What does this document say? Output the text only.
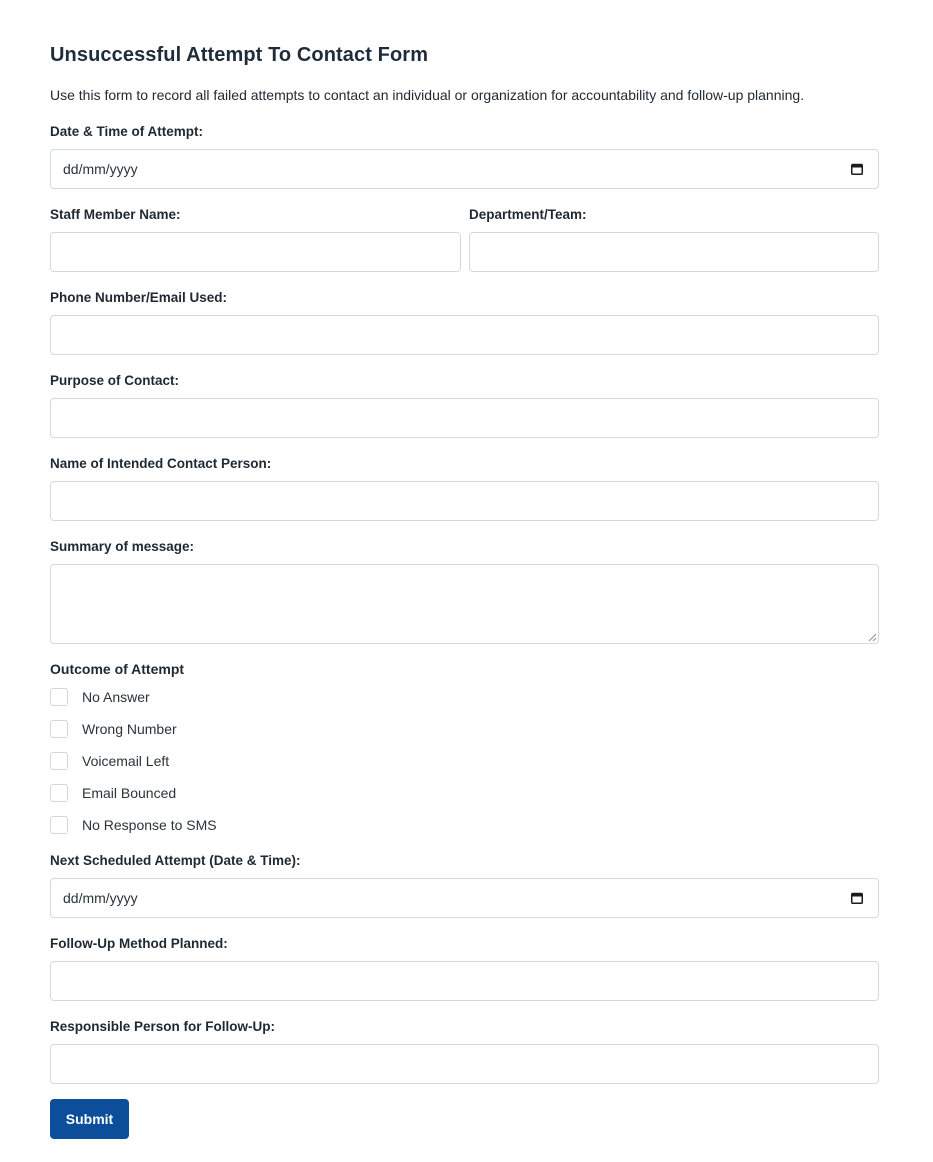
Unsuccessful Attempt To Contact Form

Use this form to record all failed attempts to contact an individual or organization for accountability and follow-up planning.

Date & Time of Attempt:
dd/mm/yyyy
Staff Member Name:	Department/Team:
Phone Number/Email Used:
Purpose of Contact:
Name of Intended Contact Person:
Summary of message:
Outcome of Attempt
No Answer
Wrong Number
Voicemail Left
Email Bounced
No Response to SMS
Next Scheduled Attempt (Date & Time):
dd/mm/yyyy
Follow-Up Method Planned:
Responsible Person for Follow-Up:
Submit
